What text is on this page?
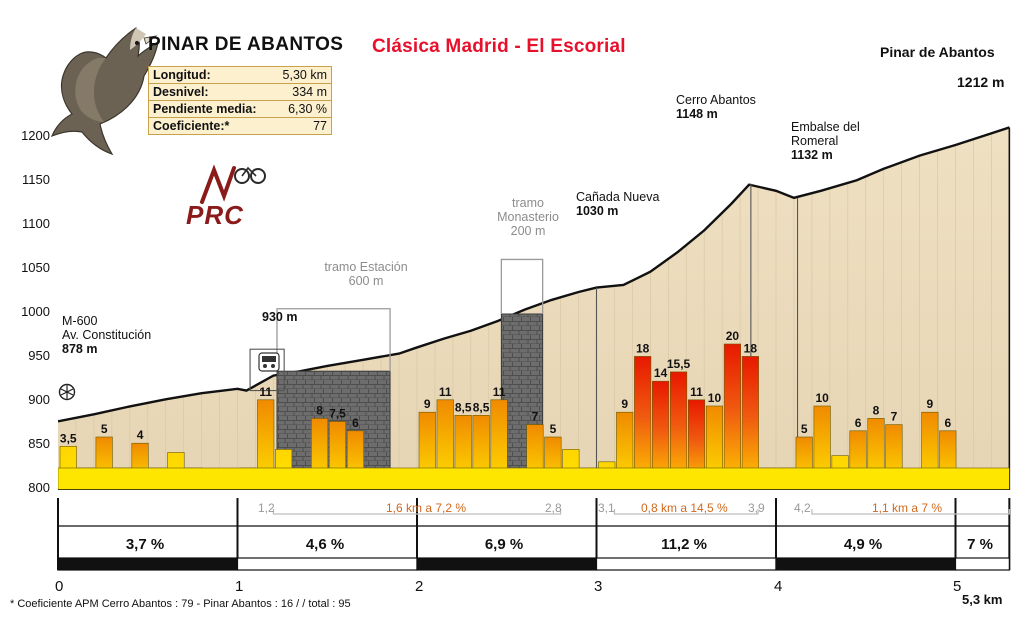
PINAR DE ABANTOS Clásica Madrid - El Escorial	Pinar de Abantos
1212 m
Longitud:	5,30 km
Desnivel:	334 m
Pendiente media:	6,30 %
Coeficiente:*	77
PRC
3,5
5 4
11
8 7,5
6
9
11
8,5 8,5
11
7
5
9
18
14
15,5
11 10
20
18
5
10
6
8 7
9
6
1200
1150
1100
1050
1000
950
900
850
800
0	1	2	3	4	5
5,3 km
M-600
Av. Constitución
878 m
930 m
Cañada Nueva
1030 m
Cerro Abantos
1148 m
Embalse del
Romeral
1132 m
tramo Estación
600 m
tramo Monasterio
200 m
1,2	1,6 km a 7,2 %	2,8	3,1 0,8 km a 14,5 % 3,9 4,2	1,1 km a 7 %
3,7 %	4,6 %	6,9 %	11,2 %	4,9 %	7 %
* Coeficiente APM Cerro Abantos : 79 - Pinar Abantos : 16 / / total : 95
